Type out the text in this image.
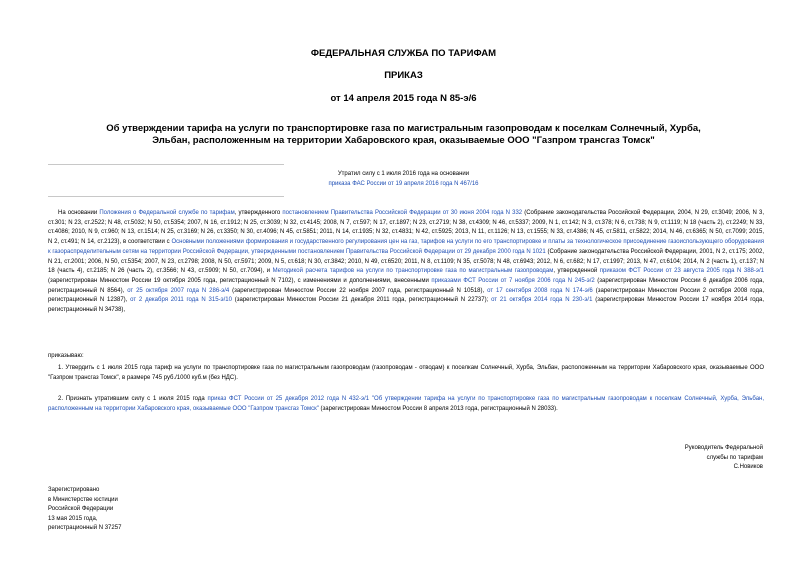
ФЕДЕРАЛЬНАЯ СЛУЖБА ПО ТАРИФАМ
ПРИКАЗ
от 14 апреля 2015 года N 85-э/6
Об утверждении тарифа на услуги по транспортировке газа по магистральным газопроводам к поселкам Солнечный, Хурба, Эльбан, расположенным на территории Хабаровского края, оказываемые ООО "Газпром трансгаз Томск"
Утратил силу с 1 июля 2016 года на основании
приказа ФАС России от 19 апреля 2016 года N 467/16
На основании Положения о Федеральной службе по тарифам, утвержденного постановлением Правительства Российской Федерации от 30 июня 2004 года N 332 (Собрание законодательства Российской Федерации, 2004, N 29, ст.3049; 2006, N 3, ст.301; N 23, ст.2522; N 48, ст.5032; N 50, ст.5354; 2007, N 16, ст.1912; N 25, ст.3039; N 32, ст.4145; 2008, N 7, ст.597; N 17, ст.1897; N 23, ст.2719; N 38, ст.4309; N 46, ст.5337; 2009, N 1, ст.142; N 3, ст.378; N 6, ст.738; N 9, ст.1119; N 18 (часть 2), ст.2249; N 33, ст.4086; 2010, N 9, ст.960; N 13, ст.1514; N 25, ст.3169; N 26, ст.3350; N 30, ст.4096; N 45, ст.5851; 2011, N 14, ст.1935; N 32, ст.4831; N 42, ст.5925; 2013, N 11, ст.1126; N 13, ст.1555; N 33, ст.4386; N 45, ст.5811, ст.5822; 2014, N 46, ст.6365; N 50, ст.7099; 2015, N 2, ст.491; N 14, ст.2123), в соответствии с Основными положениями формирования и государственного регулирования цен на газ, тарифов на услуги по его транспортировке и платы за технологическое присоединение газоиспользующего оборудования к газораспределительным сетям на территории Российской Федерации, утвержденными постановлением Правительства Российской Федерации от 29 декабря 2000 года N 1021 (Собрание законодательства Российской Федерации, 2001, N 2, ст.175; 2002, N 21, ст.2001; 2006, N 50, ст.5354; 2007, N 23, ст.2798; 2008, N 50, ст.5971; 2009, N 5, ст.618; N 30, ст.3842; 2010, N 49, ст.6520; 2011, N 8, ст.1109; N 35, ст.5078; N 48, ст.6943; 2012, N 6, ст.682; N 17, ст.1997; 2013, N 47, ст.6104; 2014, N 2 (часть 1), ст.137; N 18 (часть 4), ст.2185; N 26 (часть 2), ст.3566; N 43, ст.5909; N 50, ст.7094), и Методикой расчета тарифов на услуги по транспортировке газа по магистральным газопроводам, утвержденной приказом ФСТ России от 23 августа 2005 года N 388-э/1 (зарегистрирован Минюстом России 19 октября 2005 года, регистрационный N 7102), с изменениями и дополнениями, внесенными приказами ФСТ России от 7 ноября 2006 года N 245-э/2 (зарегистрирован Минюстом России 6 декабря 2006 года, регистрационный N 8564), от 25 октября 2007 года N 286-э/4 (зарегистрирован Минюстом России 22 ноября 2007 года, регистрационный N 10518), от 17 сентября 2008 года N 174-э/6 (зарегистрирован Минюстом России 2 октября 2008 года, регистрационный N 12387), от 2 декабря 2011 года N 315-э/10 (зарегистрирован Минюстом России 21 декабря 2011 года, регистрационный N 22737); от 21 октября 2014 года N 230-э/1 (зарегистрирован Минюстом России 17 ноября 2014 года, регистрационный N 34738),
приказываю:
1. Утвердить с 1 июля 2015 года тариф на услуги по транспортировке газа по магистральным газопроводам (газопроводам - отводам) к поселкам Солнечный, Хурба, Эльбан, расположенным на территории Хабаровского края, оказываемые ООО "Газпром трансгаз Томск", в размере 745 руб./1000 куб.м (без НДС).
2. Признать утратившим силу с 1 июля 2015 года приказ ФСТ России от 25 декабря 2012 года N 432-э/1 "Об утверждении тарифа на услуги по транспортировке газа по магистральным газопроводам к поселкам Солнечный, Хурба, Эльбан, расположенным на территории Хабаровского края, оказываемые ООО "Газпром трансгаз Томск" (зарегистрирован Минюстом России 8 апреля 2013 года, регистрационный N 28033).
Руководитель Федеральной
службы по тарифам
С.Новиков
Зарегистрировано
в Министерстве юстиции
Российской Федерации
13 мая 2015 года,
регистрационный N 37257
